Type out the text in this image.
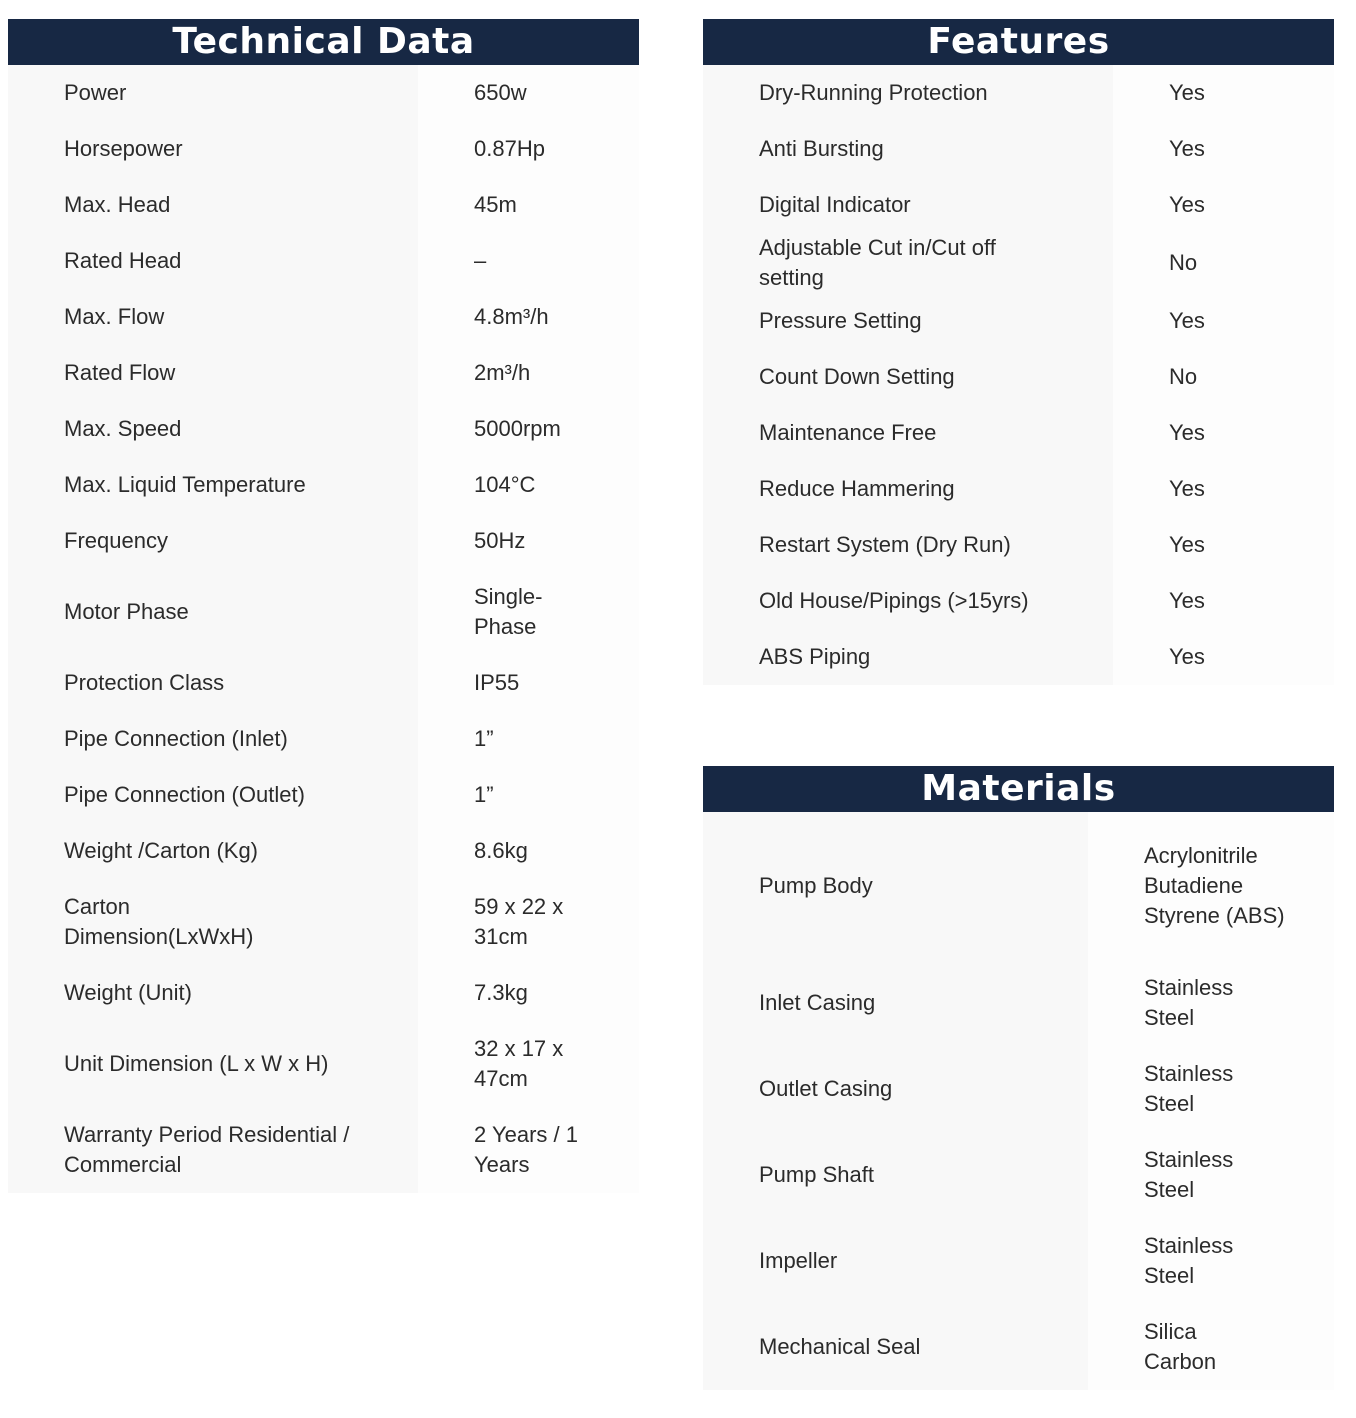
Technical Data
Power	650w
Horsepower	0.87Hp
Max. Head	45m
Rated Head	–
Max. Flow	4.8m³/h
Rated Flow	2m³/h
Max. Speed	5000rpm
Max. Liquid Temperature	104°C
Frequency	50Hz
Motor Phase	Single-Phase
Protection Class	IP55
Pipe Connection (Inlet)	1”
Pipe Connection (Outlet)	1”
Weight /Carton (Kg)	8.6kg
Carton Dimension(LxWxH)	59 x 22 x 31cm
Weight (Unit)	7.3kg
Unit Dimension (L x W x H)	32 x 17 x 47cm
Warranty Period Residential / Commercial	2 Years / 1 Years
Features
Dry-Running Protection	Yes
Anti Bursting	Yes
Digital Indicator	Yes
Adjustable Cut in/Cut off setting	No
Pressure Setting	Yes
Count Down Setting	No
Maintenance Free	Yes
Reduce Hammering	Yes
Restart System (Dry Run)	Yes
Old House/Pipings (>15yrs)	Yes
ABS Piping	Yes
Materials
Pump Body	Acrylonitrile Butadiene Styrene (ABS)
Inlet Casing	Stainless Steel
Outlet Casing	Stainless Steel
Pump Shaft	Stainless Steel
Impeller	Stainless Steel
Mechanical Seal	Silica Carbon
